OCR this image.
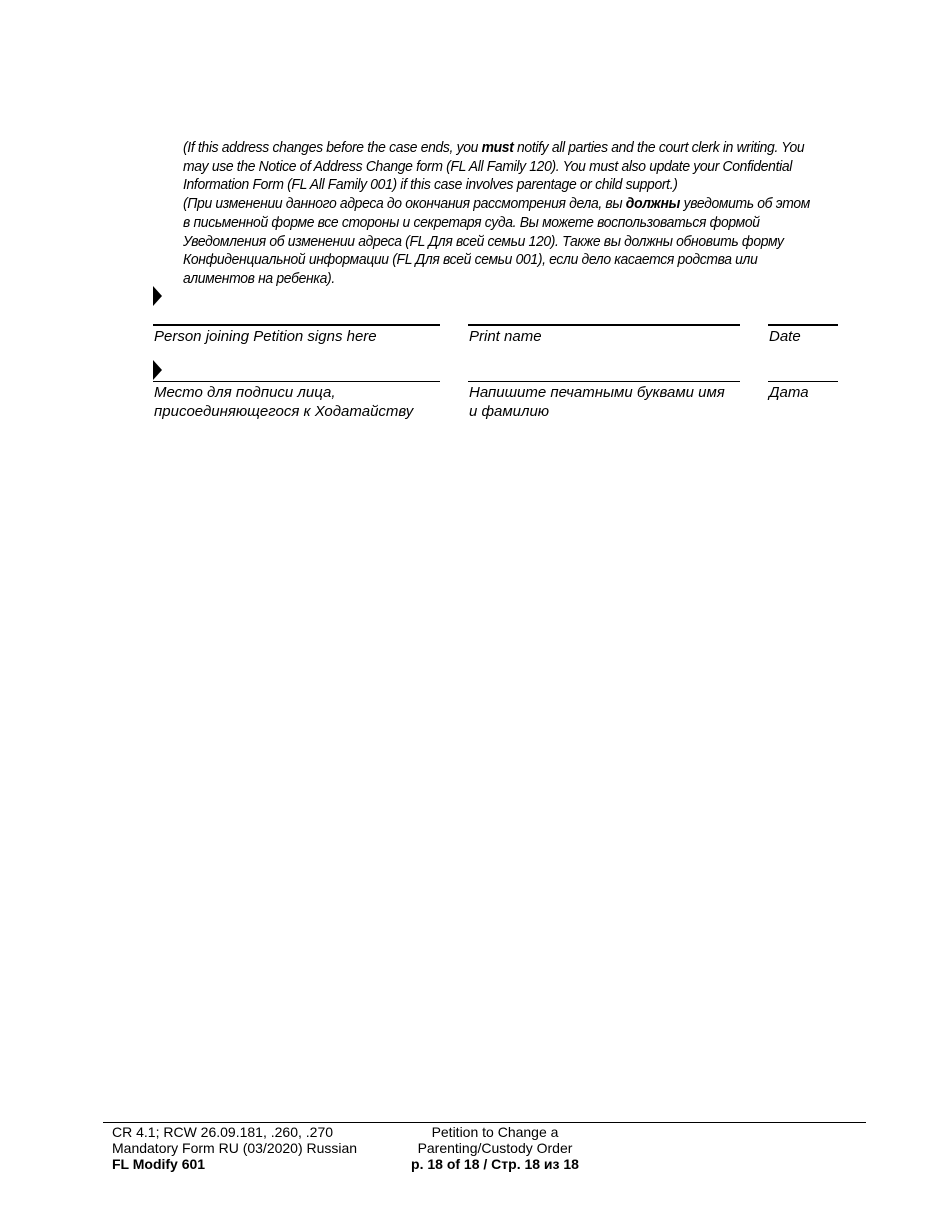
(If this address changes before the case ends, you must notify all parties and the court clerk in writing. You may use the Notice of Address Change form (FL All Family 120). You must also update your Confidential Information Form (FL All Family 001) if this case involves parentage or child support.)

(При изменении данного адреса до окончания рассмотрения дела, вы должны уведомить об этом в письменной форме все стороны и секретаря суда. Вы можете воспользоваться формой Уведомления об изменении адреса (FL Для всей семьи 120). Также вы должны обновить форму Конфиденциальной информации (FL Для всей семьи 001), если дело касается родства или алиментов на ребенка).

Person joining Petition signs here	Print name	Date
Место для подписи лица,
присоединяющегося к Ходатайству
Напишите печатными буквами имя
и фамилию
Дата
CR 4.1; RCW 26.09.181, .260, .270
Mandatory Form RU (03/2020) Russian
FL Modify 601
Petition to Change a
Parenting/Custody Order
p. 18 of 18 / Стр. 18 из 18
